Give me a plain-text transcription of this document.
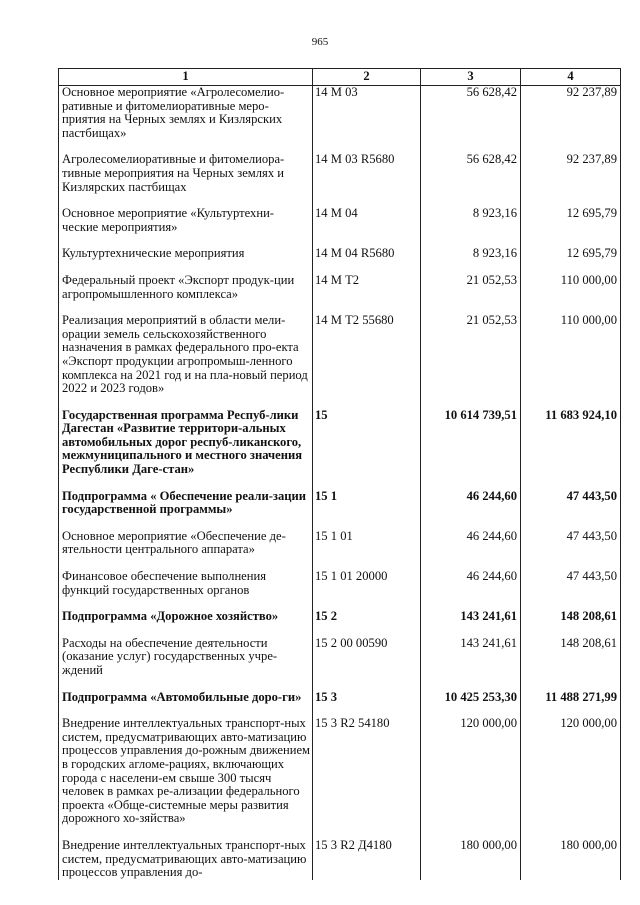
965
1	2	3	4
Основное мероприятие «Агролесомелио-ративные и фитомелиоративные меро-приятия на Черных землях и Кизлярских пастбищах»	14 М 03	56 628,42	92 237,89
Агролесомелиоративные и фитомелиора-тивные мероприятия на Черных землях и Кизлярских пастбищах	14 М 03 R5680	56 628,42	92 237,89
Основное мероприятие «Культуртехни-ческие мероприятия»	14 М 04	8 923,16	12 695,79
Культуртехнические мероприятия	14 М 04 R5680	8 923,16	12 695,79
Федеральный проект «Экспорт продук-ции агропромышленного комплекса»	14 М Т2	21 052,53	110 000,00
Реализация мероприятий в области мели-орации земель сельскохозяйственного назначения в рамках федерального про-екта «Экспорт продукции агропромыш-ленного комплекса на 2021 год и на пла-новый период 2022 и 2023 годов»	14 М Т2 55680	21 052,53	110 000,00
Государственная программа Респуб-лики Дагестан «Развитие территори-альных автомобильных дорог респуб-ликанского, межмуниципального и местного значения Республики Даге-стан»	15	10 614 739,51	11 683 924,10
Подпрограмма « Обеспечение реали-зации государственной программы»	15 1	46 244,60	47 443,50
Основное мероприятие «Обеспечение де-ятельности центрального аппарата»	15 1 01	46 244,60	47 443,50
Финансовое обеспечение выполнения функций государственных органов	15 1 01 20000	46 244,60	47 443,50
Подпрограмма «Дорожное хозяйство»	15 2	143 241,61	148 208,61
Расходы на обеспечение деятельности (оказание услуг) государственных учре-ждений	15 2 00 00590	143 241,61	148 208,61
Подпрограмма «Автомобильные доро-ги»	15 3	10 425 253,30	11 488 271,99
Внедрение интеллектуальных транспорт-ных систем, предусматривающих авто-матизацию процессов управления до-рожным движением в городских агломе-рациях, включающих города с населени-ем свыше 300 тысяч человек в рамках ре-ализации федерального проекта «Обще-системные меры развития дорожного хо-зяйства»	15 3 R2 54180	120 000,00	120 000,00
Внедрение интеллектуальных транспорт-ных систем, предусматривающих авто-матизацию процессов управления до-	15 3 R2 Д4180	180 000,00	180 000,00
